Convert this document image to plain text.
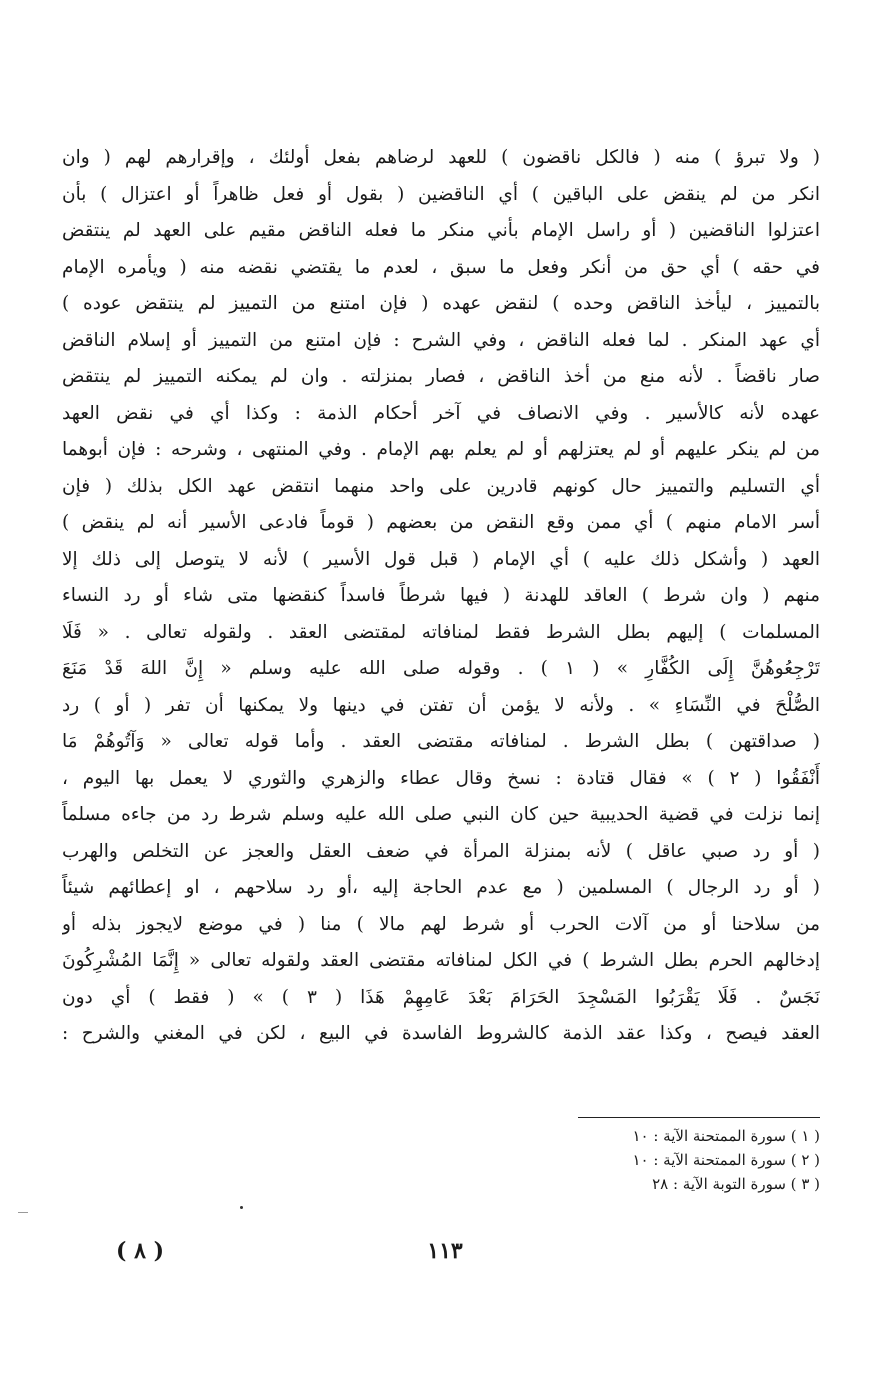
( ولا تبرؤ ) منه ( فالكل ناقضون ) للعهد لرضاهم بفعل أولئك ، وإقرارهم لهم ( وان
انكر من لم ينقض على الباقين ) أي الناقضين ( بقول أو فعل ظاهراً أو اعتزال ) بأن
اعتزلوا الناقضين ( أو راسل الإمام بأني منكر ما فعله الناقض مقيم على العهد لم ينتقض
في حقه ) أي حق من أنكر وفعل ما سبق ، لعدم ما يقتضي نقضه منه ( ويأمره الإمام
بالتمييز ، ليأخذ الناقض وحده ) لنقض عهده ( فإن امتنع من التمييز لم ينتقض عوده )
أي عهد المنكر . لما فعله الناقض ، وفي الشرح : فإن امتنع من التمييز أو إسلام الناقض
صار ناقضاً . لأنه منع من أخذ الناقض ، فصار بمنزلته . وان لم يمكنه التمييز لم ينتقض
عهده لأنه كالأسير . وفي الانصاف في آخر أحكام الذمة : وكذا أي في نقض العهد
من لم ينكر عليهم أو لم يعتزلهم أو لم يعلم بهم الإمام . وفي المنتهى ، وشرحه : فإن أبوهما
أي التسليم والتمييز حال كونهم قادرين على واحد منهما انتقض عهد الكل بذلك ( فإن
أسر الامام منهم ) أي ممن وقع النقض من بعضهم ( قوماً فادعى الأسير أنه لم ينقض )
العهد ( وأشكل ذلك عليه ) أي الإمام ( قبل قول الأسير ) لأنه لا يتوصل إلى ذلك إلا
منهم ( وان شرط ) العاقد للهدنة ( فيها شرطاً فاسداً كنقضها متى شاء أو رد النساء
المسلمات ) إليهم بطل الشرط فقط لمنافاته لمقتضى العقد . ولقوله تعالى . « فَلَا
تَرْجِعُوهُنَّ إِلَى الكُفَّارِ » ( ١ ) . وقوله صلى الله عليه وسلم « إِنَّ اللهَ قَدْ مَنَعَ
الصُّلْحَ في النِّسَاءِ » . ولأنه لا يؤمن أن تفتن في دينها ولا يمكنها أن تفر ( أو ) رد
( صداقتهن ) بطل الشرط . لمنافاته مقتضى العقد . وأما قوله تعالى « وَآتُوهُمْ مَا
أَنْفَقُوا ( ٢ ) » فقال قتادة : نسخ وقال عطاء والزهري والثوري لا يعمل بها اليوم ،
إنما نزلت في قضية الحديبية حين كان النبي صلى الله عليه وسلم شرط رد من جاءه مسلماً
( أو رد صبي عاقل ) لأنه بمنزلة المرأة في ضعف العقل والعجز عن التخلص والهرب
( أو رد الرجال ) المسلمين ( مع عدم الحاجة إليه ،أو رد سلاحهم ، او إعطائهم شيئاً
من سلاحنا أو من آلات الحرب أو شرط لهم مالا ) منا ( في موضع لايجوز بذله أو
إدخالهم الحرم بطل الشرط ) في الكل لمنافاته مقتضى العقد ولقوله تعالى « إِنَّمَا المُشْرِكُونَ
نَجَسٌ . فَلَا يَقْرَبُوا المَسْجِدَ الحَرَامَ بَعْدَ عَامِهِمْ هَذَا ( ٣ ) » ( فقط ) أي دون
العقد فيصح ، وكذا عقد الذمة كالشروط الفاسدة في البيع ، لكن في المغني والشرح :
( ١ ) سورة الممتحنة الآية : ١٠
( ٢ ) سورة الممتحنة الآية : ١٠
( ٣ ) سورة التوبة الآية : ٢٨
١١٣
( ٨ )
